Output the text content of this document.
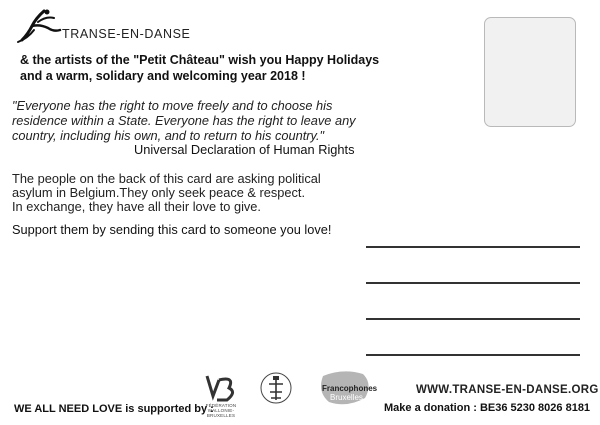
TRANSE-EN-DANSE
& the artists of the "Petit Château" wish you Happy Holidays
and a warm, solidary and welcoming year 2018 !
"Everyone has the right to move freely and to choose his residence within a State. Everyone has the right to leave any country, including his own, and to return to his country."
Universal Declaration of Human Rights
The people on the back of this card are asking political
asylum in Belgium.They only seek peace & respect.
In exchange, they have all their love to give.
Support them by sending this card to someone you love!
FÉDÉRATION WALLONIE-BRUXELLES
Francophones
Bruxelles
WE ALL NEED LOVE is supported by :
WWW.TRANSE-EN-DANSE.ORG
Make a donation : BE36 5230 8026 8181
